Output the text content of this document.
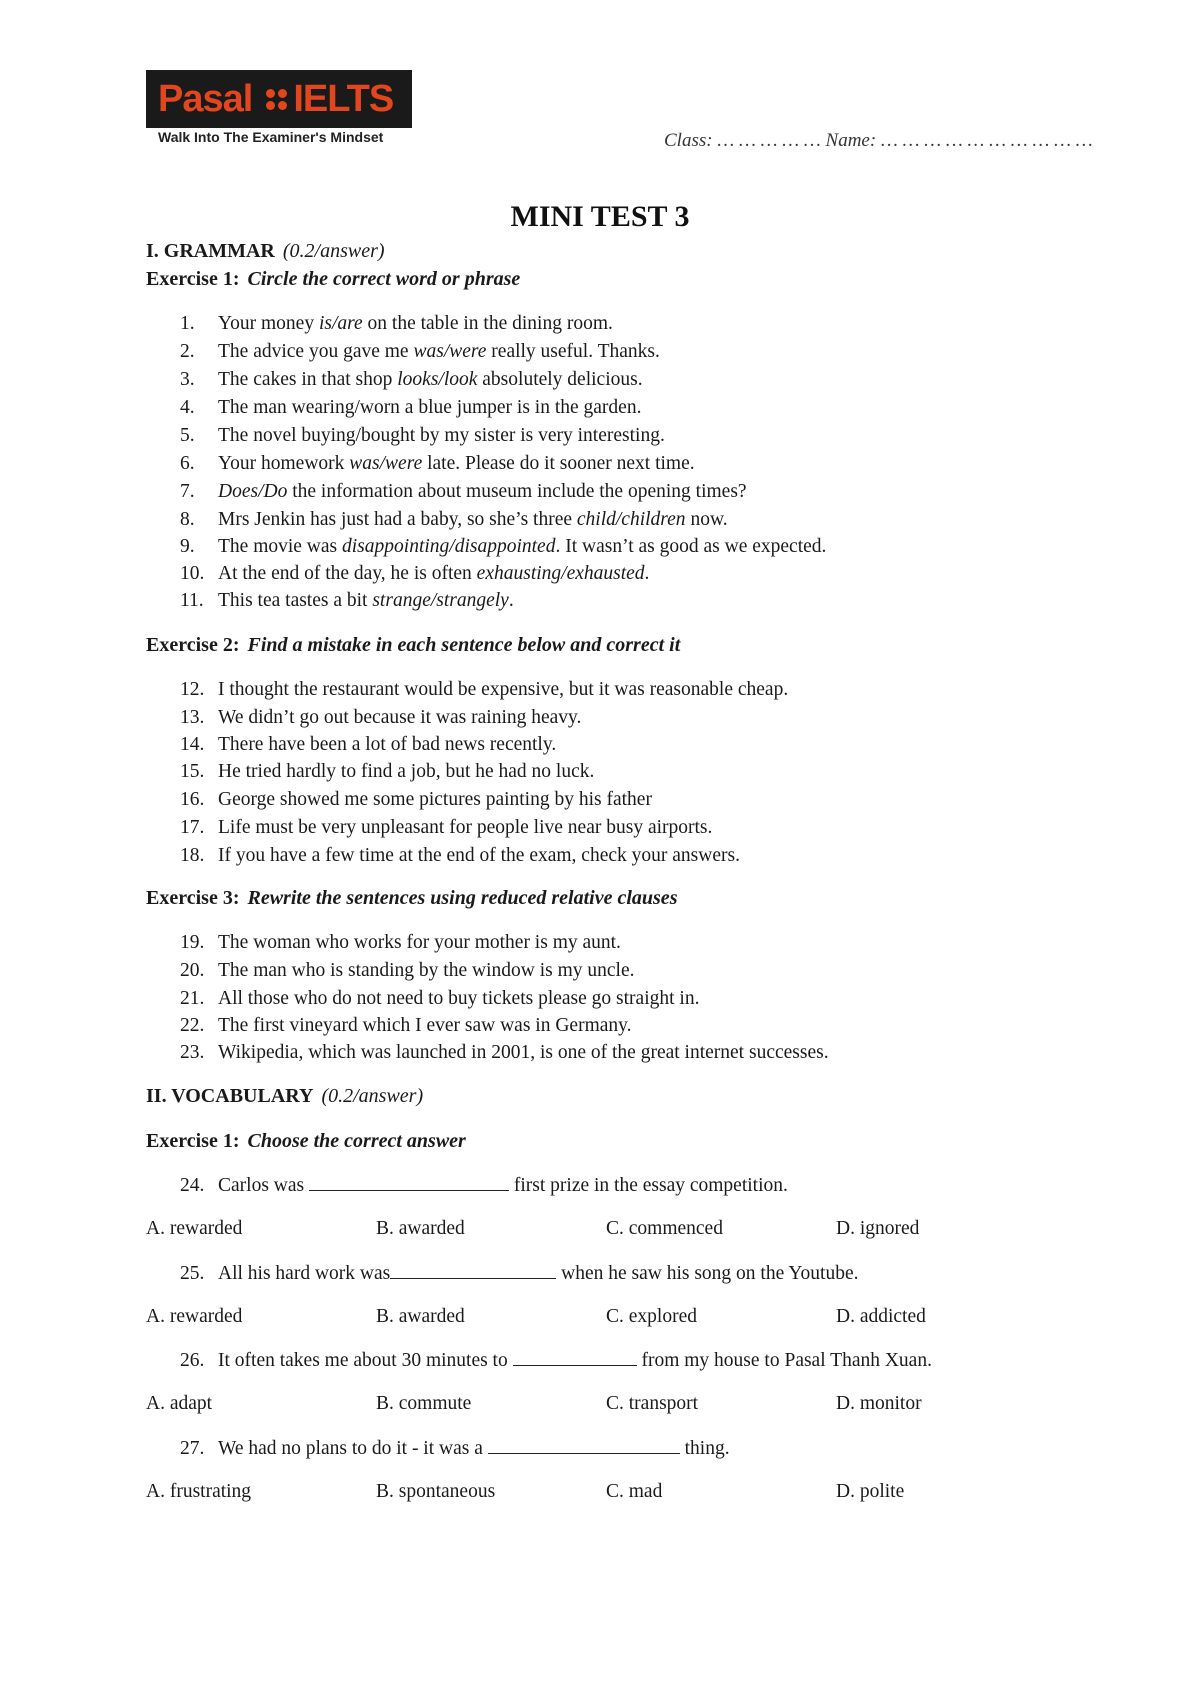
Pasal IELTS
Walk Into The Examiner's Mindset	Class: … … … … … Name: … … … … … … … … … …
MINI TEST 3
I. GRAMMAR (0.2/answer)
Exercise 1: Circle the correct word or phrase
1. Your money is/are on the table in the dining room.
2. The advice you gave me was/were really useful. Thanks.
3. The cakes in that shop looks/look absolutely delicious.
4. The man wearing/worn a blue jumper is in the garden.
5. The novel buying/bought by my sister is very interesting.
6. Your homework was/were late. Please do it sooner next time.
7. Does/Do the information about museum include the opening times?
8. Mrs Jenkin has just had a baby, so she’s three child/children now.
9. The movie was disappointing/disappointed. It wasn’t as good as we expected.
10. At the end of the day, he is often exhausting/exhausted.
11. This tea tastes a bit strange/strangely.
Exercise 2: Find a mistake in each sentence below and correct it
12. I thought the restaurant would be expensive, but it was reasonable cheap.
13. We didn’t go out because it was raining heavy.
14. There have been a lot of bad news recently.
15. He tried hardly to find a job, but he had no luck.
16. George showed me some pictures painting by his father
17. Life must be very unpleasant for people live near busy airports.
18. If you have a few time at the end of the exam, check your answers.
Exercise 3: Rewrite the sentences using reduced relative clauses
19. The woman who works for your mother is my aunt.
20. The man who is standing by the window is my uncle.
21. All those who do not need to buy tickets please go straight in.
22. The first vineyard which I ever saw was in Germany.
23. Wikipedia, which was launched in 2001, is one of the great internet successes.
II. VOCABULARY (0.2/answer)
Exercise 1: Choose the correct answer
24. Carlos was	first prize in the essay competition.
A. rewarded	B. awarded	C. commenced	D. ignored
25. All his hard work was	when he saw his song on the Youtube.
A. rewarded	B. awarded	C. explored	D. addicted
26. It often takes me about 30 minutes to	from my house to Pasal Thanh Xuan.
A. adapt	B. commute	C. transport	D. monitor
27. We had no plans to do it - it was a	thing.
A. frustrating	B. spontaneous	C. mad	D. polite
